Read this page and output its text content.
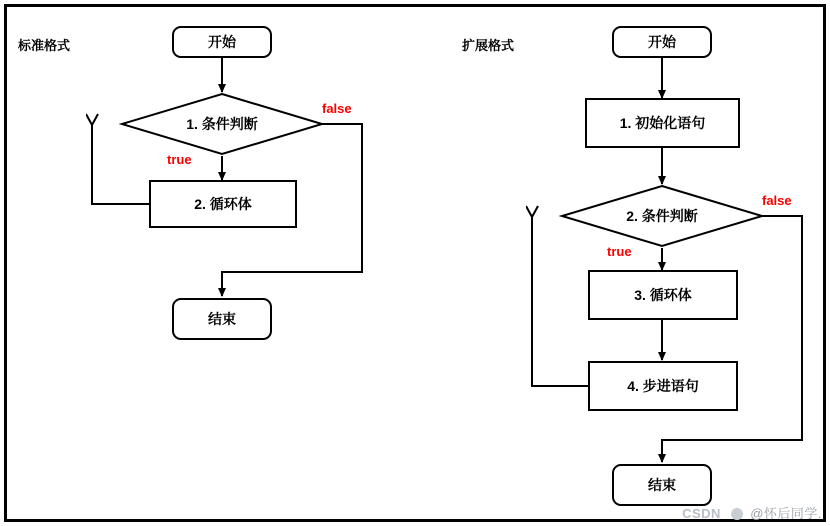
标准格式	开始
1. 条件判断
2. 循环体
结束
false
true
扩展格式	开始
1. 初始化语句
2. 条件判断
3. 循环体
4. 步进语句
结束
false
true
CSDN @怀后同学.
